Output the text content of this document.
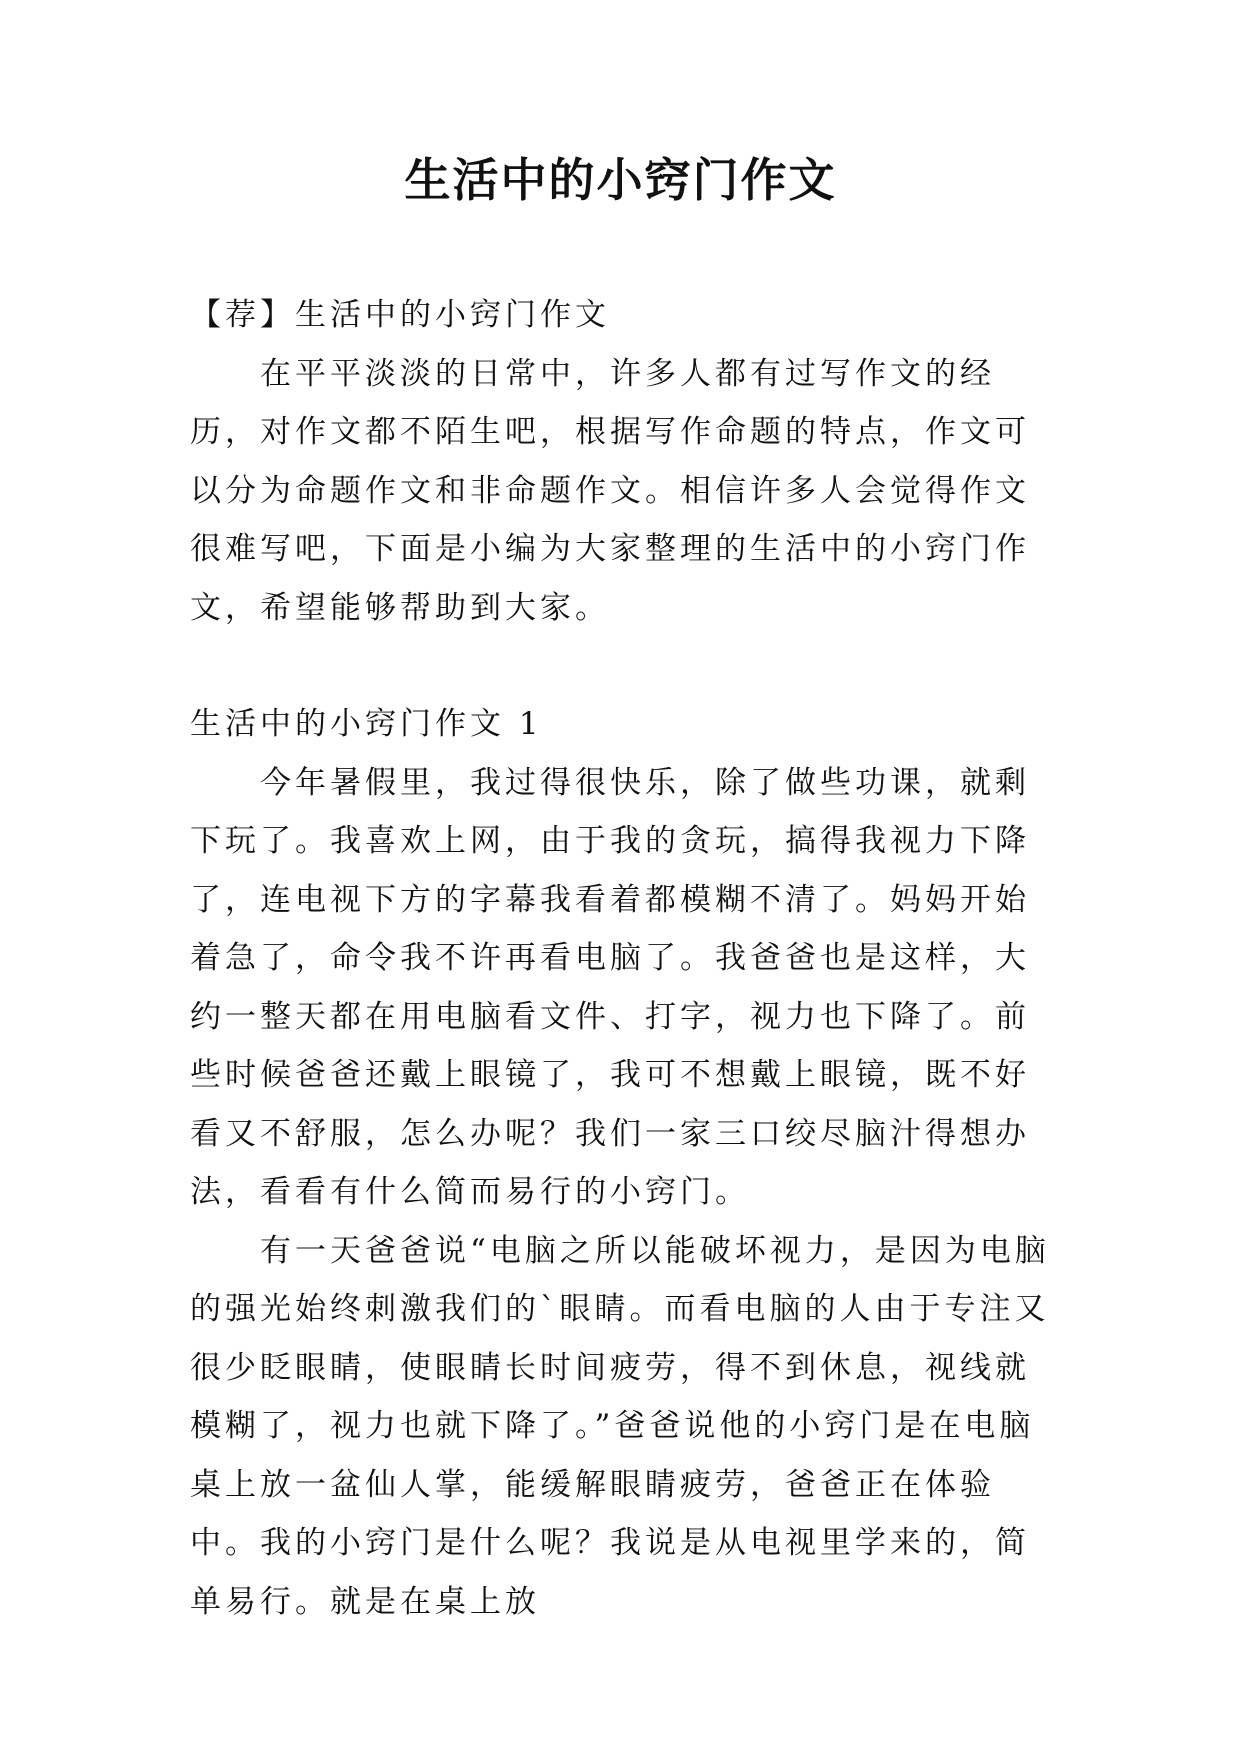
生活中的小窍门作文

【荐】生活中的小窍门作文

在平平淡淡的日常中，许多人都有过写作文的经历，对作文都不陌生吧，根据写作命题的特点，作文可以分为命题作文和非命题作文。相信许多人会觉得作文很难写吧，下面是小编为大家整理的生活中的小窍门作文，希望能够帮助到大家。

生活中的小窍门作文 1

今年暑假里，我过得很快乐，除了做些功课，就剩下玩了。我喜欢上网，由于我的贪玩，搞得我视力下降了，连电视下方的字幕我看着都模糊不清了。妈妈开始着急了，命令我不许再看电脑了。我爸爸也是这样，大约一整天都在用电脑看文件、打字，视力也下降了。前些时候爸爸还戴上眼镜了，我可不想戴上眼镜，既不好看又不舒服，怎么办呢？我们一家三口绞尽脑汁得想办法，看看有什么简而易行的小窍门。

有一天爸爸说“电脑之所以能破坏视力，是因为电脑的强光始终刺激我们的`眼睛。而看电脑的人由于专注又很少眨眼睛，使眼睛长时间疲劳，得不到休息，视线就模糊了，视力也就下降了。”爸爸说他的小窍门是在电脑桌上放一盆仙人掌，能缓解眼睛疲劳，爸爸正在体验中。我的小窍门是什么呢？我说是从电视里学来的，简单易行。就是在桌上放
